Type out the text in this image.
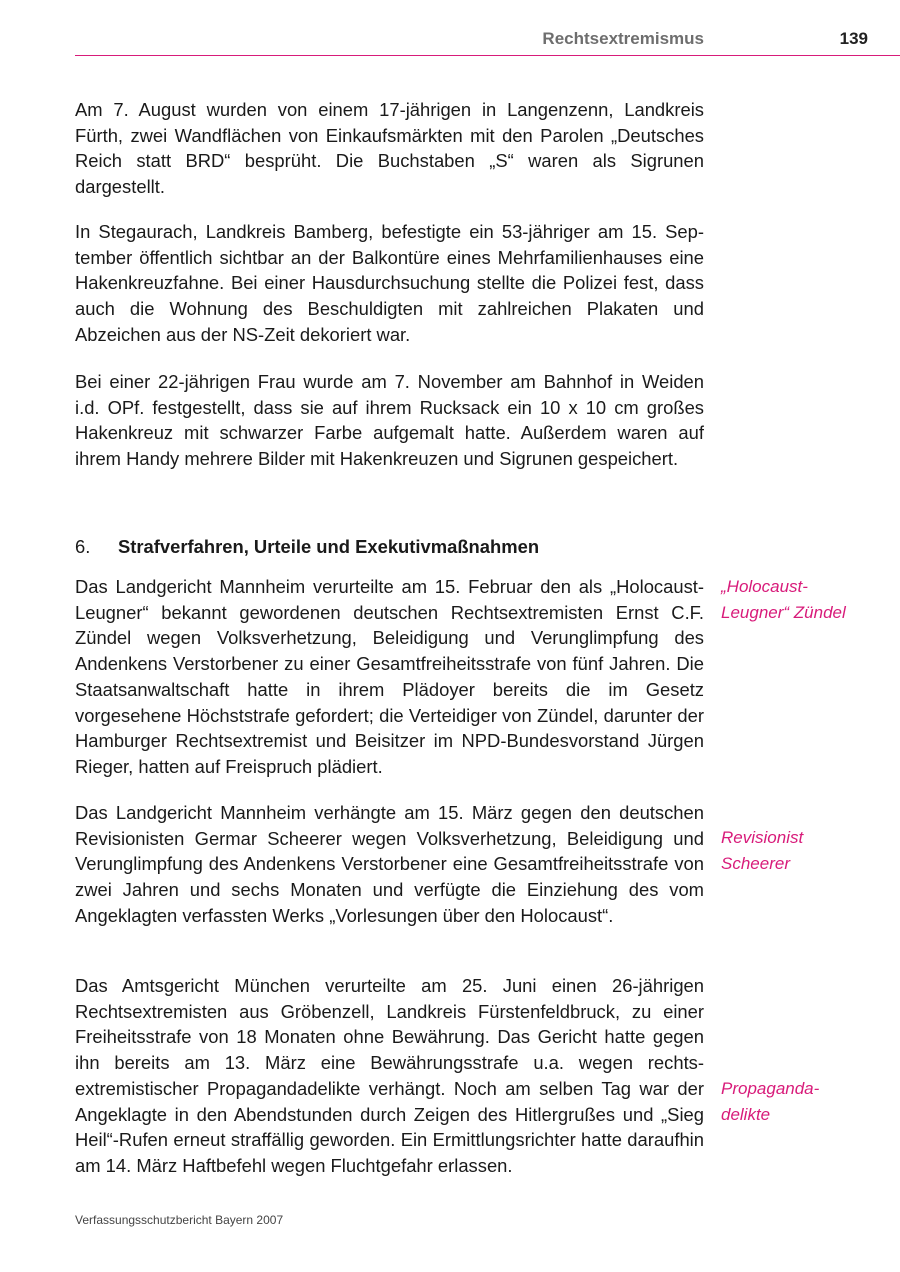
Rechtsextremismus	139
Am 7. August wurden von einem 17-jährigen in Langenzenn, Landkreis Fürth, zwei Wandflächen von Einkaufsmärkten mit den Parolen „Deutsches Reich statt BRD“ besprüht. Die Buchstaben „S“ waren als Sigrunen dargestellt.
In Stegaurach, Landkreis Bamberg, befestigte ein 53-jähriger am 15. September öffentlich sichtbar an der Balkontüre eines Mehrfamilienhauses eine Hakenkreuzfahne. Bei einer Hausdurchsuchung stellte die Polizei fest, dass auch die Wohnung des Beschuldigten mit zahlreichen Plakaten und Abzeichen aus der NS-Zeit dekoriert war.
Bei einer 22-jährigen Frau wurde am 7. November am Bahnhof in Weiden i.d. OPf. festgestellt, dass sie auf ihrem Rucksack ein 10 x 10 cm großes Hakenkreuz mit schwarzer Farbe aufgemalt hatte. Außerdem waren auf ihrem Handy mehrere Bilder mit Hakenkreuzen und Sigrunen gespeichert.
6. Strafverfahren, Urteile und Exekutivmaßnahmen
Das Landgericht Mannheim verurteilte am 15. Februar den als „Holocaust-Leugner“ bekannt gewordenen deutschen Rechtsextremisten Ernst C.F. Zündel wegen Volksverhetzung, Beleidigung und Verunglimpfung des Andenkens Verstorbener zu einer Gesamtfreiheitsstrafe von fünf Jahren. Die Staatsanwaltschaft hatte in ihrem Plädoyer bereits die im Gesetz vorgesehene Höchststrafe gefordert; die Verteidiger von Zündel, darunter der Hamburger Rechtsextremist und Beisitzer im NPD-Bundesvorstand Jürgen Rieger, hatten auf Freispruch plädiert.
Das Landgericht Mannheim verhängte am 15. März gegen den deutschen Revisionisten Germar Scheerer wegen Volksverhetzung, Beleidigung und Verunglimpfung des Andenkens Verstorbener eine Gesamtfreiheitsstrafe von zwei Jahren und sechs Monaten und verfügte die Einziehung des vom Angeklagten verfassten Werks „Vorlesungen über den Holocaust“.
Das Amtsgericht München verurteilte am 25. Juni einen 26-jährigen Rechtsextremisten aus Gröbenzell, Landkreis Fürstenfeldbruck, zu einer Freiheitsstrafe von 18 Monaten ohne Bewährung. Das Gericht hatte gegen ihn bereits am 13. März eine Bewährungsstrafe u.a. wegen rechtsextremistischer Propagandadelikte verhängt. Noch am selben Tag war der Angeklagte in den Abendstunden durch Zeigen des Hitlergrußes und „Sieg Heil“-Rufen erneut straffällig geworden. Ein Ermittlungsrichter hatte daraufhin am 14. März Haftbefehl wegen Fluchtgefahr erlassen.
„Holocaust-
Leugner“ Zündel
Revisionist
Scheerer
Propaganda-
delikte
Verfassungsschutzbericht Bayern 2007
